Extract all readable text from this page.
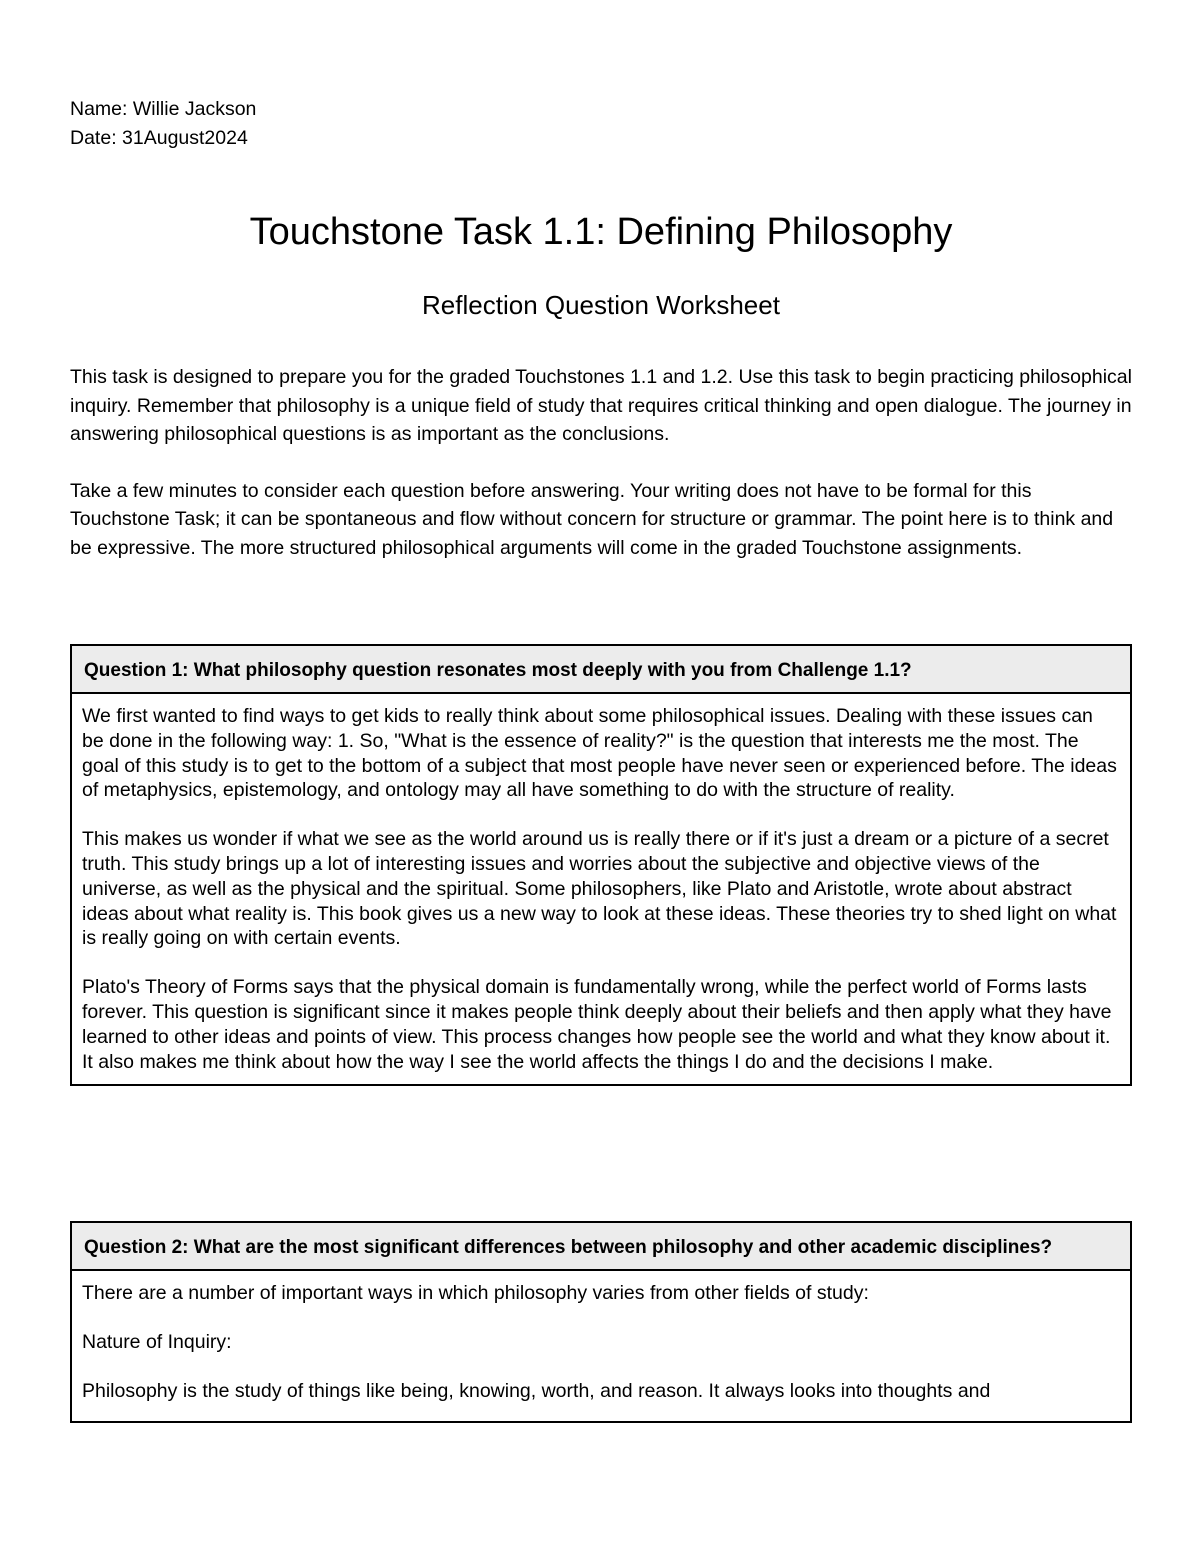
Name: Willie Jackson

Date: 31August2024

Touchstone Task 1.1: Defining Philosophy
Reflection Question Worksheet

This task is designed to prepare you for the graded Touchstones 1.1 and 1.2. Use this task to begin practicing philosophical inquiry. Remember that philosophy is a unique field of study that requires critical thinking and open dialogue. The journey in answering philosophical questions is as important as the conclusions.

Take a few minutes to consider each question before answering. Your writing does not have to be formal for this Touchstone Task; it can be spontaneous and flow without concern for structure or grammar. The point here is to think and be expressive. The more structured philosophical arguments will come in the graded Touchstone assignments.

Question 1: What philosophy question resonates most deeply with you from Challenge 1.1?

We first wanted to find ways to get kids to really think about some philosophical issues. Dealing with these issues can be done in the following way: 1. So, "What is the essence of reality?" is the question that interests me the most. The goal of this study is to get to the bottom of a subject that most people have never seen or experienced before. The ideas of metaphysics, epistemology, and ontology may all have something to do with the structure of reality.

This makes us wonder if what we see as the world around us is really there or if it's just a dream or a picture of a secret truth. This study brings up a lot of interesting issues and worries about the subjective and objective views of the universe, as well as the physical and the spiritual. Some philosophers, like Plato and Aristotle, wrote about abstract ideas about what reality is. This book gives us a new way to look at these ideas. These theories try to shed light on what is really going on with certain events.

Plato's Theory of Forms says that the physical domain is fundamentally wrong, while the perfect world of Forms lasts forever. This question is significant since it makes people think deeply about their beliefs and then apply what they have learned to other ideas and points of view. This process changes how people see the world and what they know about it. It also makes me think about how the way I see the world affects the things I do and the decisions I make.

Question 2: What are the most significant differences between philosophy and other academic disciplines?

There are a number of important ways in which philosophy varies from other fields of study:

Nature of Inquiry:

Philosophy is the study of things like being, knowing, worth, and reason. It always looks into thoughts and
